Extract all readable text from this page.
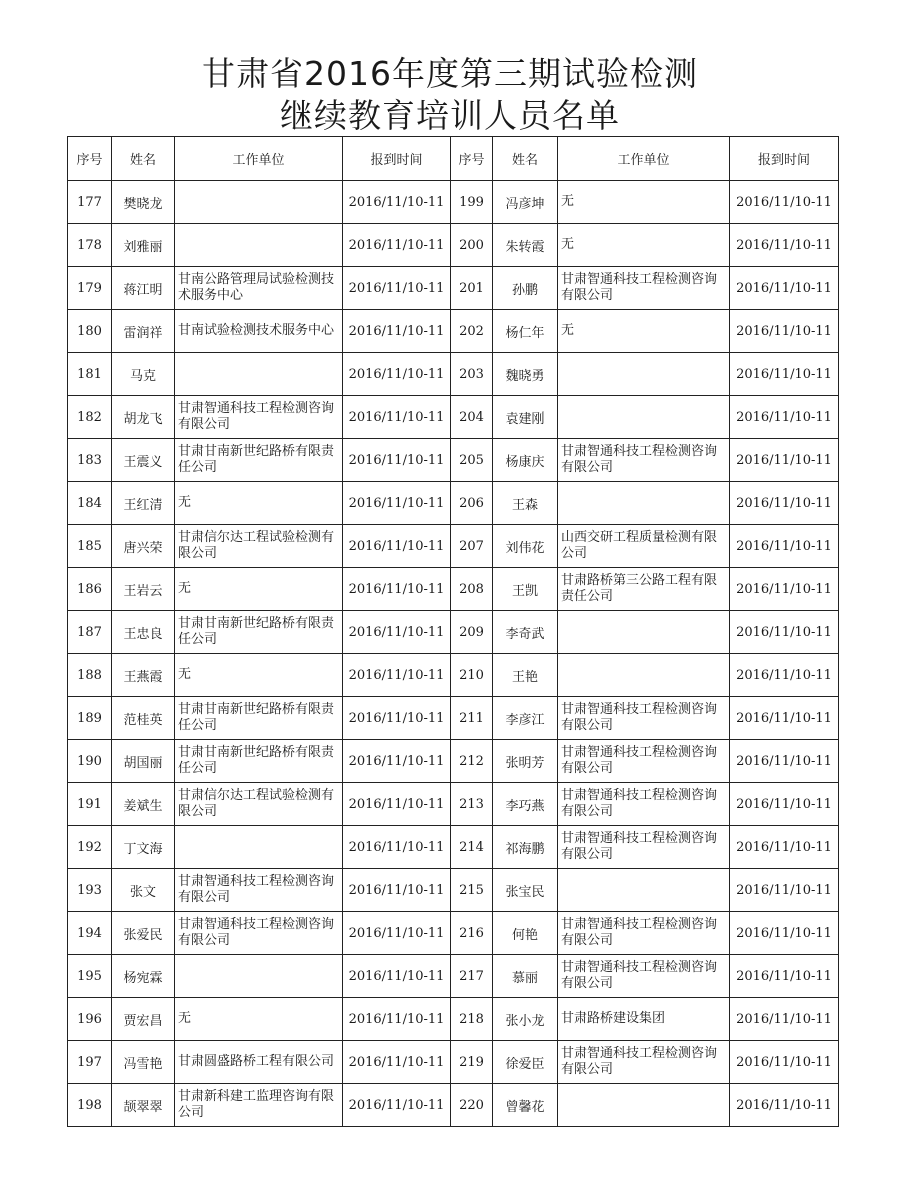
甘肃省2016年度第三期试验检测
继续教育培训人员名单
序号	姓名	工作单位	报到时间	序号	姓名	工作单位	报到时间
177	樊晓龙		2016/11/10-11	199	冯彦坤	无	2016/11/10-11
178	刘雅丽		2016/11/10-11	200	朱转霞	无	2016/11/10-11
179	蒋江明	甘南公路管理局试验检测技术服务中心	2016/11/10-11	201	孙鹏	甘肃智通科技工程检测咨询有限公司	2016/11/10-11
180	雷润祥	甘南试验检测技术服务中心	2016/11/10-11	202	杨仁年	无	2016/11/10-11
181	马克		2016/11/10-11	203	魏晓勇		2016/11/10-11
182	胡龙飞	甘肃智通科技工程检测咨询有限公司	2016/11/10-11	204	袁建刚		2016/11/10-11
183	王震义	甘肃甘南新世纪路桥有限责任公司	2016/11/10-11	205	杨康庆	甘肃智通科技工程检测咨询有限公司	2016/11/10-11
184	王红清	无	2016/11/10-11	206	王森		2016/11/10-11
185	唐兴荣	甘肃信尔达工程试验检测有限公司	2016/11/10-11	207	刘伟花	山西交研工程质量检测有限公司	2016/11/10-11
186	王岩云	无	2016/11/10-11	208	王凯	甘肃路桥第三公路工程有限责任公司	2016/11/10-11
187	王忠良	甘肃甘南新世纪路桥有限责任公司	2016/11/10-11	209	李奇武		2016/11/10-11
188	王燕霞	无	2016/11/10-11	210	王艳		2016/11/10-11
189	范桂英	甘肃甘南新世纪路桥有限责任公司	2016/11/10-11	211	李彦江	甘肃智通科技工程检测咨询有限公司	2016/11/10-11
190	胡国丽	甘肃甘南新世纪路桥有限责任公司	2016/11/10-11	212	张明芳	甘肃智通科技工程检测咨询有限公司	2016/11/10-11
191	姜斌生	甘肃信尔达工程试验检测有限公司	2016/11/10-11	213	李巧燕	甘肃智通科技工程检测咨询有限公司	2016/11/10-11
192	丁文海		2016/11/10-11	214	祁海鹏	甘肃智通科技工程检测咨询有限公司	2016/11/10-11
193	张文	甘肃智通科技工程检测咨询有限公司	2016/11/10-11	215	张宝民		2016/11/10-11
194	张爱民	甘肃智通科技工程检测咨询有限公司	2016/11/10-11	216	何艳	甘肃智通科技工程检测咨询有限公司	2016/11/10-11
195	杨宛霖		2016/11/10-11	217	慕丽	甘肃智通科技工程检测咨询有限公司	2016/11/10-11
196	贾宏昌	无	2016/11/10-11	218	张小龙	甘肃路桥建设集团	2016/11/10-11
197	冯雪艳	甘肃圆盛路桥工程有限公司	2016/11/10-11	219	徐爱臣	甘肃智通科技工程检测咨询有限公司	2016/11/10-11
198	颉翠翠	甘肃新科建工监理咨询有限公司	2016/11/10-11	220	曾馨花		2016/11/10-11
